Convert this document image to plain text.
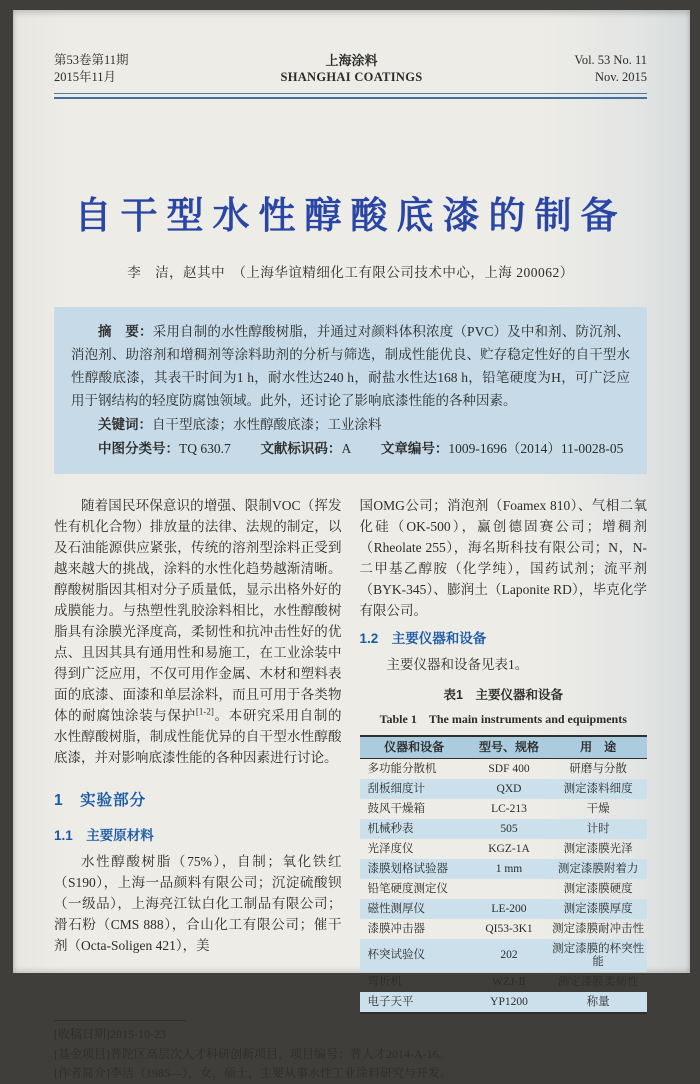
第53卷第11期
2015年11月
上海涂料
SHANGHAI COATINGS
Vol. 53 No. 11
Nov. 2015
自干型水性醇酸底漆的制备
李　洁，赵其中　（上海华谊精细化工有限公司技术中心，上海 200062）
摘　要：采用自制的水性醇酸树脂，并通过对颜料体积浓度（PVC）及中和剂、防沉剂、消泡剂、助溶剂和增稠剂等涂料助剂的分析与筛选，制成性能优良、贮存稳定性好的自干型水性醇酸底漆，其表干时间为1 h，耐水性达240 h，耐盐水性达168 h，铅笔硬度为H，可广泛应用于钢结构的轻度防腐蚀领域。此外，还讨论了影响底漆性能的各种因素。
关键词：自干型底漆；水性醇酸底漆；工业涂料
中图分类号：TQ 630.7 文献标识码：A 文章编号：1009-1696（2014）11-0028-05

随着国民环保意识的增强、限制VOC（挥发性有机化合物）排放量的法律、法规的制定，以及石油能源供应紧张，传统的溶剂型涂料正受到越来越大的挑战，涂料的水性化趋势越渐清晰。醇酸树脂因其相对分子质量低，显示出格外好的成膜能力。与热塑性乳胶涂料相比，水性醇酸树脂具有涂膜光泽度高，柔韧性和抗冲击性好的优点、且因其具有通用性和易施工，在工业涂装中得到广泛应用，不仅可用作金属、木材和塑料表面的底漆、面漆和单层涂料，而且可用于各类物体的耐腐蚀涂装与保护[1-2]。本研究采用自制的水性醇酸树脂，制成性能优异的自干型水性醇酸底漆，并对影响底漆性能的各种因素进行讨论。

1　实验部分
1.1　主要原材料

水性醇酸树脂（75%），自制；氧化铁红（S190），上海一品颜料有限公司；沉淀硫酸钡（一级品），上海亮江钛白化工制品有限公司；滑石粉（CMS 888），合山化工有限公司；催干剂（Octa-Soligen 421），美

国OMG公司；消泡剂（Foamex 810）、气相二氧化硅（OK-500），赢创德固赛公司；增稠剂（Rheolate 255），海名斯科技有限公司；N，N-二甲基乙醇胺（化学纯），国药试剂；流平剂（BYK-345）、膨润土（Laponite RD），毕克化学有限公司。

1.2　主要仪器和设备

主要仪器和设备见表1。

表1　主要仪器和设备
Table 1　The main instruments and equipments
仪器和设备	型号、规格	用　途
多功能分散机	SDF 400	研磨与分散
刮板细度计	QXD	测定漆料细度
鼓风干燥箱	LC-213	干燥
机械秒表	505	计时
光泽度仪	KGZ-1A	测定漆膜光泽
漆膜划格试验器	1 mm	测定漆膜附着力
铅笔硬度测定仪		测定漆膜硬度
磁性测厚仪	LE-200	测定漆膜厚度
漆膜冲击器	QI53-3K1	测定漆膜耐冲击性
杯突试验仪	202	测定漆膜的杯突性能
弯折机	WZJ-Ⅱ	测定漆膜柔韧性
电子天平	YP1200	称量
[收稿日期]2015-10-23
[基金项目]普陀区高层次人才科研创新项目，项目编号：普人才2014-A-16。
[作者简介]李洁（1985—），女，硕士，主要从事水性工业涂料研究与开发。
